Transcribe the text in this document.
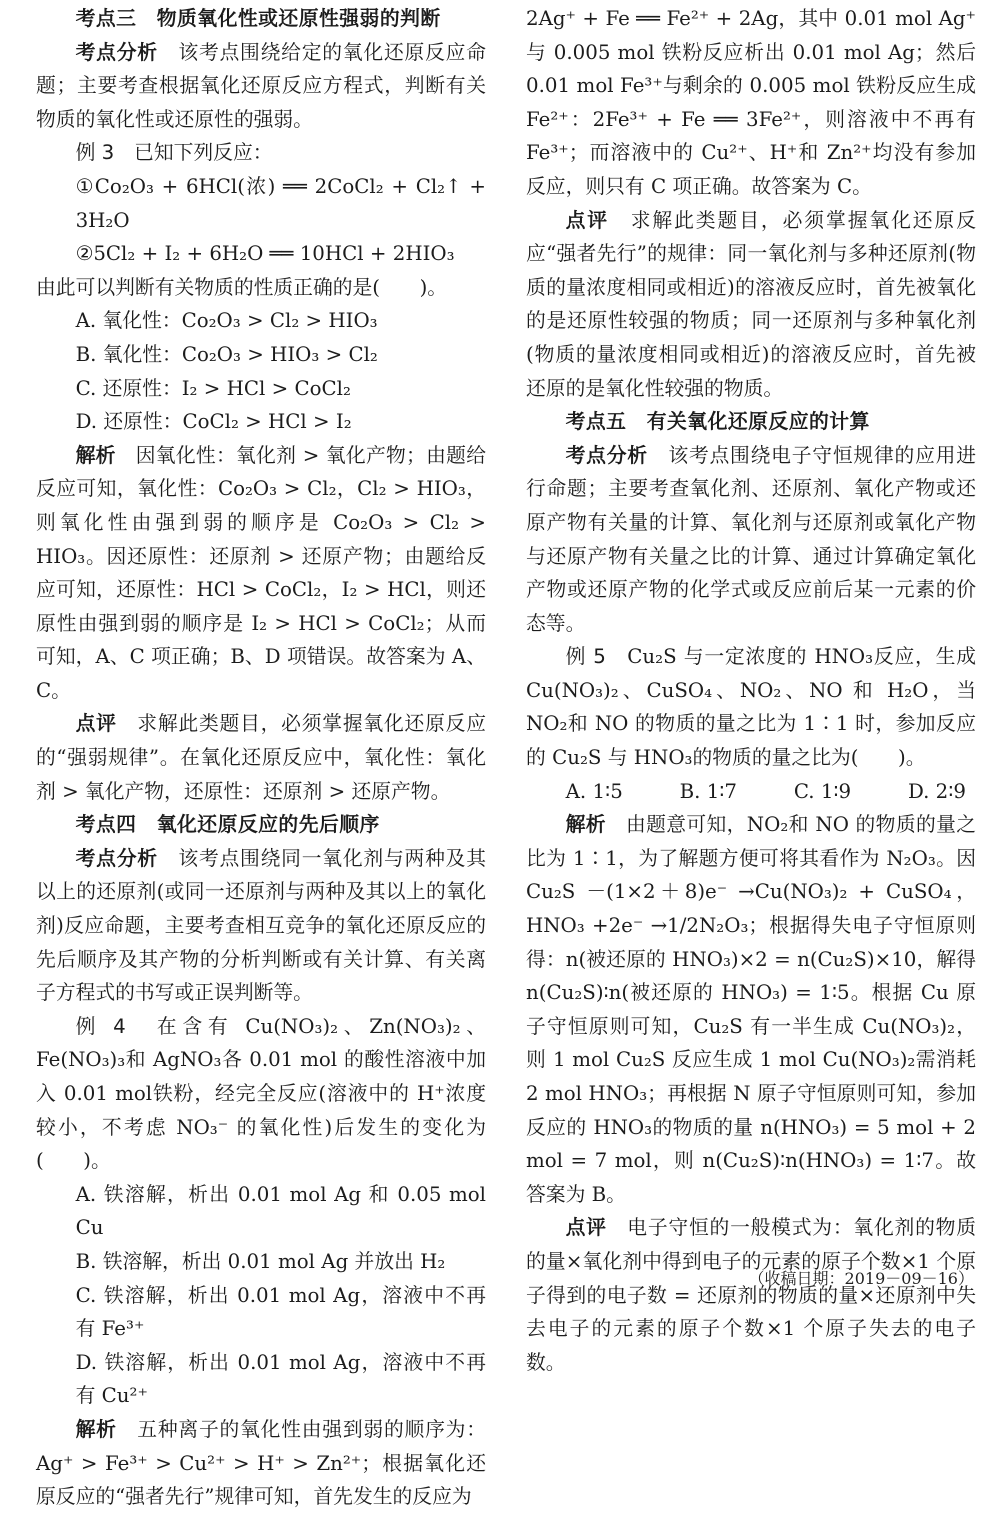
考点三　物质氧化性或还原性强弱的判断

考点分析　该考点围绕给定的氧化还原反应命题；主要考查根据氧化还原反应方程式，判断有关物质的氧化性或还原性的强弱。

例 3　已知下列反应：

①Co₂O₃ + 6HCl(浓) ══ 2CoCl₂ + Cl₂↑ + 3H₂O

②5Cl₂ + I₂ + 6H₂O ══ 10HCl + 2HIO₃

由此可以判断有关物质的性质正确的是(　　)。

A. 氧化性：Co₂O₃ > Cl₂ > HIO₃

B. 氧化性：Co₂O₃ > HIO₃ > Cl₂

C. 还原性：I₂ > HCl > CoCl₂

D. 还原性：CoCl₂ > HCl > I₂

解析　因氧化性：氧化剂 > 氧化产物；由题给反应可知，氧化性：Co₂O₃ > Cl₂，Cl₂ > HIO₃，则氧化性由强到弱的顺序是 Co₂O₃ > Cl₂ > HIO₃。因还原性：还原剂 > 还原产物；由题给反应可知，还原性：HCl > CoCl₂，I₂ > HCl，则还原性由强到弱的顺序是 I₂ > HCl > CoCl₂；从而可知，A、C 项正确；B、D 项错误。故答案为 A、C。

点评　求解此类题目，必须掌握氧化还原反应的“强弱规律”。在氧化还原反应中，氧化性：氧化剂 > 氧化产物，还原性：还原剂 > 还原产物。

考点四　氧化还原反应的先后顺序

考点分析　该考点围绕同一氧化剂与两种及其以上的还原剂(或同一还原剂与两种及其以上的氧化剂)反应命题，主要考查相互竞争的氧化还原反应的先后顺序及其产物的分析判断或有关计算、有关离子方程式的书写或正误判断等。

例 4　在含有 Cu(NO₃)₂、Zn(NO₃)₂、Fe(NO₃)₃和 AgNO₃各 0.01 mol 的酸性溶液中加入 0.01 mol铁粉，经完全反应(溶液中的 H⁺浓度较小，不考虑 NO₃⁻ 的氧化性)后发生的变化为(　　)。

A. 铁溶解，析出 0.01 mol Ag 和 0.05 mol Cu

B. 铁溶解，析出 0.01 mol Ag 并放出 H₂

C. 铁溶解，析出 0.01 mol Ag，溶液中不再有 Fe³⁺

D. 铁溶解，析出 0.01 mol Ag，溶液中不再有 Cu²⁺

解析　五种离子的氧化性由强到弱的顺序为：Ag⁺ > Fe³⁺ > Cu²⁺ > H⁺ > Zn²⁺；根据氧化还原反应的“强者先行”规律可知，首先发生的反应为

2Ag⁺ + Fe ══ Fe²⁺ + 2Ag，其中 0.01 mol Ag⁺与 0.005 mol 铁粉反应析出 0.01 mol Ag；然后 0.01 mol Fe³⁺与剩余的 0.005 mol 铁粉反应生成 Fe²⁺：2Fe³⁺ + Fe ══ 3Fe²⁺，则溶液中不再有 Fe³⁺；而溶液中的 Cu²⁺、H⁺和 Zn²⁺均没有参加反应，则只有 C 项正确。故答案为 C。

点评　求解此类题目，必须掌握氧化还原反应“强者先行”的规律：同一氧化剂与多种还原剂(物质的量浓度相同或相近)的溶液反应时，首先被氧化的是还原性较强的物质；同一还原剂与多种氧化剂(物质的量浓度相同或相近)的溶液反应时，首先被还原的是氧化性较强的物质。

考点五　有关氧化还原反应的计算

考点分析　该考点围绕电子守恒规律的应用进行命题；主要考查氧化剂、还原剂、氧化产物或还原产物有关量的计算、氧化剂与还原剂或氧化产物与还原产物有关量之比的计算、通过计算确定氧化产物或还原产物的化学式或反应前后某一元素的价态等。

例 5　Cu₂S 与一定浓度的 HNO₃反应，生成 Cu(NO₃)₂、CuSO₄、NO₂、NO 和 H₂O，当 NO₂和 NO 的物质的量之比为 1∶1 时，参加反应的 Cu₂S 与 HNO₃的物质的量之比为(　　)。

A. 1∶5	B. 1∶7	C. 1∶9	D. 2∶9

解析　由题意可知，NO₂和 NO 的物质的量之比为 1∶1，为了解题方便可将其看作为 N₂O₃。因 Cu₂S －(1×2＋8)e⁻ →Cu(NO₃)₂ + CuSO₄，HNO₃ +2e⁻ →1/2N₂O₃；根据得失电子守恒原则得：n(被还原的 HNO₃)×2 = n(Cu₂S)×10，解得 n(Cu₂S)∶n(被还原的 HNO₃) = 1∶5。根据 Cu 原子守恒原则可知，Cu₂S 有一半生成 Cu(NO₃)₂，则 1 mol Cu₂S 反应生成 1 mol Cu(NO₃)₂需消耗2 mol HNO₃；再根据 N 原子守恒原则可知，参加反应的 HNO₃的物质的量 n(HNO₃) = 5 mol + 2 mol = 7 mol，则 n(Cu₂S)∶n(HNO₃) = 1∶7。故答案为 B。

点评　电子守恒的一般模式为：氧化剂的物质的量×氧化剂中得到电子的元素的原子个数×1 个原子得到的电子数 = 还原剂的物质的量×还原剂中失去电子的元素的原子个数×1 个原子失去的电子数。

（收稿日期：2019－09－16）
